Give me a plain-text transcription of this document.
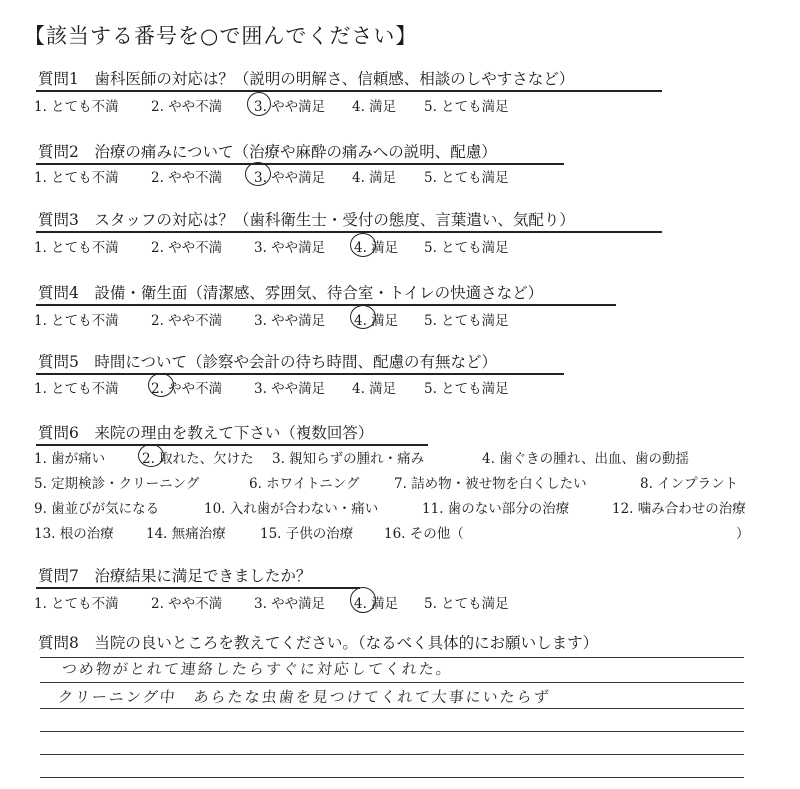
【該当する番号を○で囲んでください】
質問1　歯科医師の対応は？（説明の明解さ、信頼感、相談のしやすさなど）
1. とても不満 2. やや不満 3. やや満足 4. 満足 5. とても満足
質問2　治療の痛みについて（治療や麻酔の痛みへの説明、配慮）
1. とても不満 2. やや不満 3. やや満足 4. 満足 5. とても満足
質問3　スタッフの対応は？（歯科衛生士・受付の態度、言葉遣い、気配り）
1. とても不満 2. やや不満 3. やや満足 4. 満足 5. とても満足
質問4　設備・衛生面（清潔感、雰囲気、待合室・トイレの快適さなど）
1. とても不満 2. やや不満 3. やや満足 4. 満足 5. とても満足
質問5　時間について（診察や会計の待ち時間、配慮の有無など）
1. とても不満 2. やや不満 3. やや満足 4. 満足 5. とても満足
質問6　来院の理由を教えて下さい（複数回答）
1. 歯が痛い	2. 取れた、欠けた 3. 親知らずの腫れ・痛み	4. 歯ぐきの腫れ、出血、歯の動揺
5. 定期検診・クリーニング	6. ホワイトニング	7. 詰め物・被せ物を白くしたい	8. インプラント
9. 歯並びが気になる	10. 入れ歯が合わない・痛い	11. 歯のない部分の治療	12. 噛み合わせの治療
13. 根の治療 14. 無痛治療	15. 子供の治療 16. その他（	）
質問7　治療結果に満足できましたか？
1. とても不満 2. やや不満 3. やや満足 4. 満足 5. とても満足
質問8　当院の良いところを教えてください。（なるべく具体的にお願いします）
つめ物がとれて連絡したらすぐに対応してくれた。
クリーニング中　あらたな虫歯を見つけてくれて大事にいたらず
